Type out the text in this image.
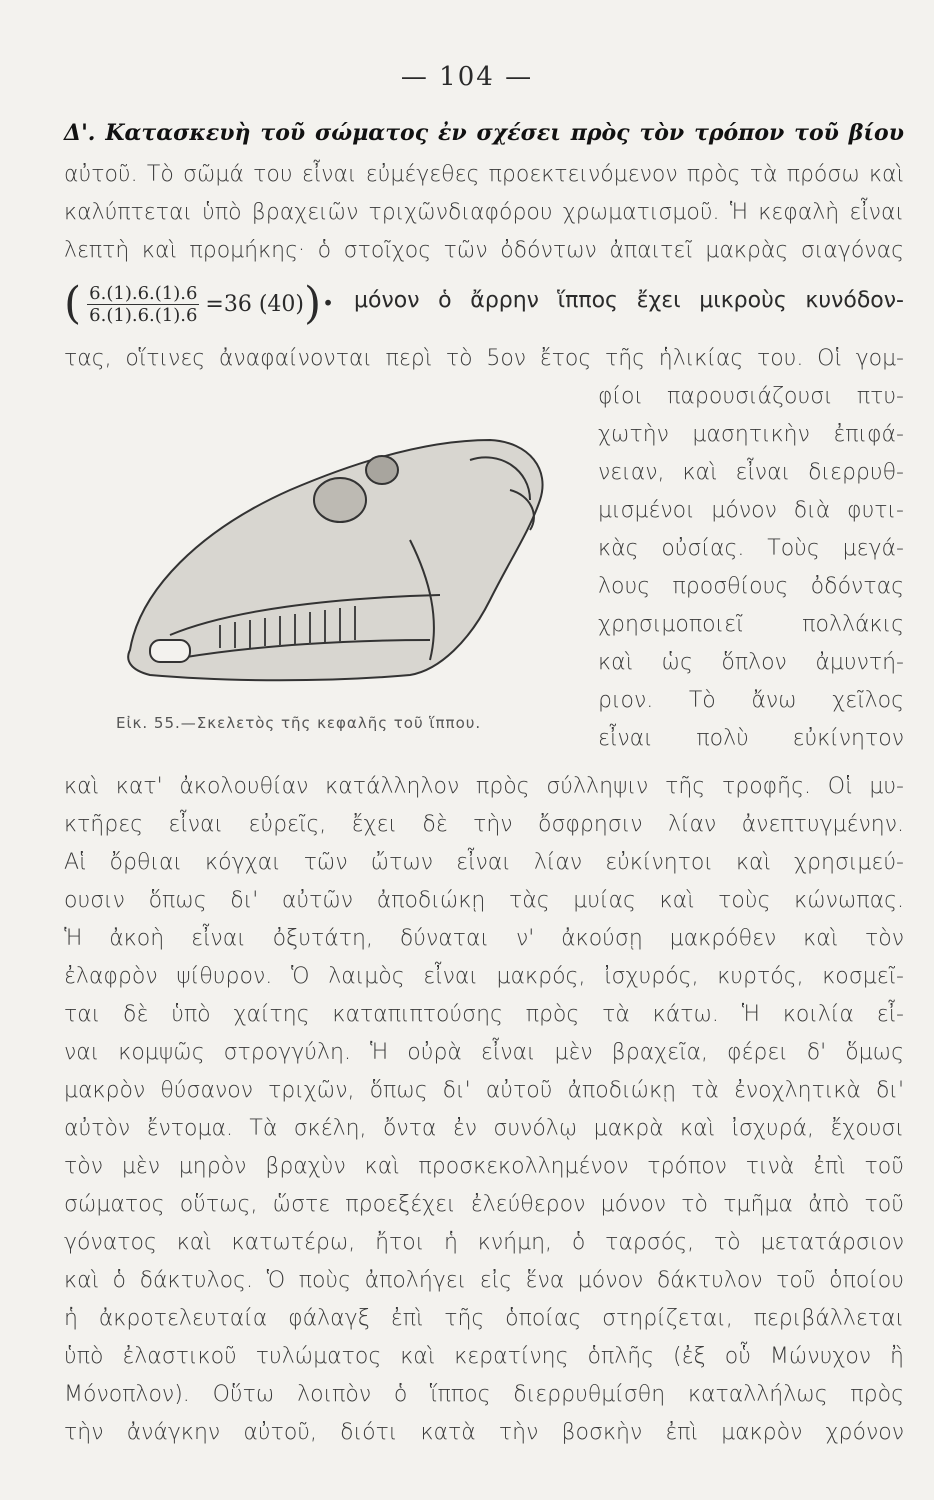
— 104 —
Δ'. Κατασκευὴ τοῦ σώματος ἐν σχέσει πρὸς τὸν τρόπον τοῦ βίου
αὐτοῦ. Τὸ σῶμά του εἶναι εὐμέγεθες προεκτεινόμενον πρὸς τὰ πρόσω καὶ
καλύπτεται ὑπὸ βραχειῶν τριχῶνδιαφόρου χρωματισμοῦ. Ἡ κεφαλὴ εἶναι
λεπτὴ καὶ προμήκης· ὁ στοῖχος τῶν ὀδόντων ἀπαιτεῖ μακρὰς σιαγόνας
( $\frac{6.(1).6.(1).6}{6.(1).6.(1).6} =36$ (40) )· μόνον ὁ ἄρρην ἵππος ἔχει μικροὺς κυνόδον-
τας, οἵτινες ἀναφαίνονται περὶ τὸ 5ον ἔτος τῆς ἡλικίας του. Οἱ γομ-
φίοι παρουσιάζουσι πτυ-
χωτὴν μασητικὴν ἐπιφά-
νειαν, καὶ εἶναι διερρυθ-
μισμένοι μόνον διὰ φυτι-
κὰς οὐσίας. Τοὺς μεγά-
λους προσθίους ὀδόντας
χρησιμοποιεῖ πολλάκις
καὶ ὡς ὅπλον ἀμυντή-
ριον. Τὸ ἄνω χεῖλος
εἶναι πολὺ εὐκίνητον
Εἰκ. 55.—Σκελετὸς τῆς κεφαλῆς τοῦ ἵππου.
καὶ κατ' ἀκολουθίαν κατάλληλον πρὸς σύλληψιν τῆς τροφῆς. Οἱ μυ-
κτῆρες εἶναι εὐρεῖς, ἔχει δὲ τὴν ὄσφρησιν λίαν ἀνεπτυγμένην.
Αἱ ὄρθιαι κόγχαι τῶν ὤτων εἶναι λίαν εὐκίνητοι καὶ χρησιμεύ-
ουσιν ὅπως δι' αὐτῶν ἀποδιώκῃ τὰς μυίας καὶ τοὺς κώνωπας.
Ἡ ἀκοὴ εἶναι ὀξυτάτη, δύναται ν' ἀκούσῃ μακρόθεν καὶ τὸν
ἐλαφρὸν ψίθυρον. Ὁ λαιμὸς εἶναι μακρός, ἰσχυρός, κυρτός, κοσμεῖ-
ται δὲ ὑπὸ χαίτης καταπιπτούσης πρὸς τὰ κάτω. Ἡ κοιλία εἶ-
ναι κομψῶς στρογγύλη. Ἡ οὐρὰ εἶναι μὲν βραχεῖα, φέρει δ' ὅμως
μακρὸν θύσανον τριχῶν, ὅπως δι' αὐτοῦ ἀποδιώκῃ τὰ ἐνοχλητικὰ δι'
αὐτὸν ἔντομα. Τὰ σκέλη, ὄντα ἐν συνόλῳ μακρὰ καὶ ἰσχυρά, ἔχουσι
τὸν μὲν μηρὸν βραχὺν καὶ προσκεκολλημένον τρόπον τινὰ ἐπὶ τοῦ
σώματος οὕτως, ὥστε προεξέχει ἐλεύθερον μόνον τὸ τμῆμα ἀπὸ τοῦ
γόνατος καὶ κατωτέρω, ἤτοι ἡ κνήμη, ὁ ταρσός, τὸ μετατάρσιον
καὶ ὁ δάκτυλος. Ὁ ποὺς ἀπολήγει εἰς ἕνα μόνον δάκτυλον τοῦ ὁποίου
ἡ ἀκροτελευταία φάλαγξ ἐπὶ τῆς ὁποίας στηρίζεται, περιβάλλεται
ὑπὸ ἐλαστικοῦ τυλώματος καὶ κερατίνης ὁπλῆς (ἐξ οὗ Μώνυχον ἢ
Μόνοπλον). Οὕτω λοιπὸν ὁ ἵππος διερρυθμίσθη καταλλήλως πρὸς
τὴν ἀνάγκην αὐτοῦ, διότι κατὰ τὴν βοσκὴν ἐπὶ μακρὸν χρόνον
